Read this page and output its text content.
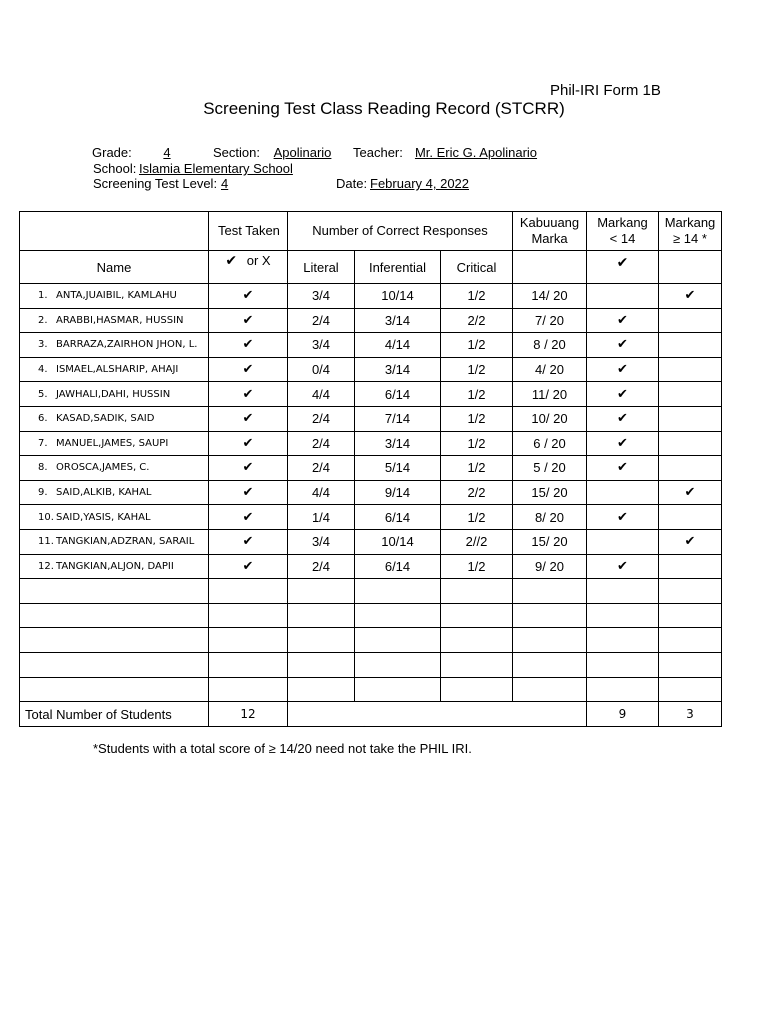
Phil-IRI Form 1B
Screening Test Class Reading Record (STCRR)
Grade:	4	Section:	Apolinario	Teacher: Mr. Eric G. Apolinario
School: Islamia Elementary School
Screening Test Level: 4	Date: February 4, 2022
	Test Taken	Number of Correct Responses			Kabuuang Marka	Markang < 14	Markang ≥ 14 *
Name	✔ or X	Literal	Inferential	Critical		✔	
1. ANTA,JUAIBIL, KAMLAHU	✔	3/4	10/14	1/2	14/ 20		✔
2. ARABBI,HASMAR, HUSSIN	✔	2/4	3/14	2/2	7/ 20	✔	
3. BARRAZA,ZAIRHON JHON, L.	✔	3/4	4/14	1/2	8 / 20	✔	
4. ISMAEL,ALSHARIP, AHAJI	✔	0/4	3/14	1/2	4/ 20	✔	
5. JAWHALI,DAHI, HUSSIN	✔	4/4	6/14	1/2	11/ 20	✔	
6. KASAD,SADIK, SAID	✔	2/4	7/14	1/2	10/ 20	✔	
7. MANUEL,JAMES, SAUPI	✔	2/4	3/14	1/2	6 / 20	✔	
8. OROSCA,JAMES, C.	✔	2/4	5/14	1/2	5 / 20	✔	
9. SAID,ALKIB, KAHAL	✔	4/4	9/14	2/2	15/ 20		✔
10. SAID,YASIS, KAHAL	✔	1/4	6/14	1/2	8/ 20	✔	
11. TANGKIAN,ADZRAN, SARAIL	✔	3/4	10/14	2//2	15/ 20		✔
12. TANGKIAN,ALJON, DAPII	✔	2/4	6/14	1/2	9/ 20	✔	

Total Number of Students	12					9	3
*Students with a total score of ≥ 14/20 need not take the PHIL IRI.
